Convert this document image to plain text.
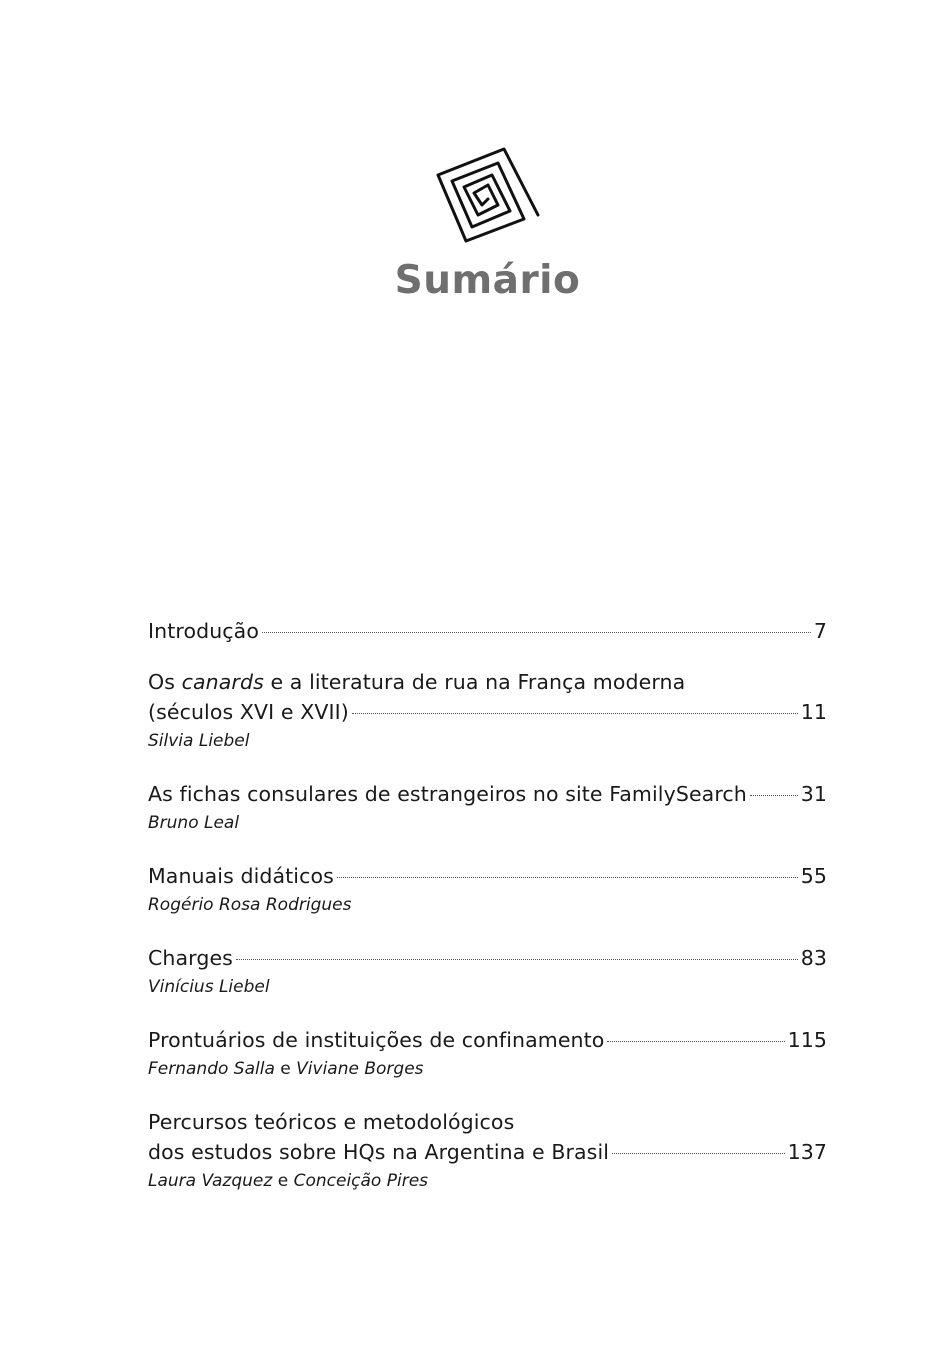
Sumário
Introdução	7
Os canards e a literatura de rua na França moderna
(séculos XVI e XVII)	11
Silvia Liebel
As fichas consulares de estrangeiros no site FamilySearch	31
Bruno Leal
Manuais didáticos	55
Rogério Rosa Rodrigues
Charges	83
Vinícius Liebel
Prontuários de instituições de confinamento	115
Fernando Salla e Viviane Borges
Percursos teóricos e metodológicos
dos estudos sobre HQs na Argentina e Brasil	137
Laura Vazquez e Conceição Pires
